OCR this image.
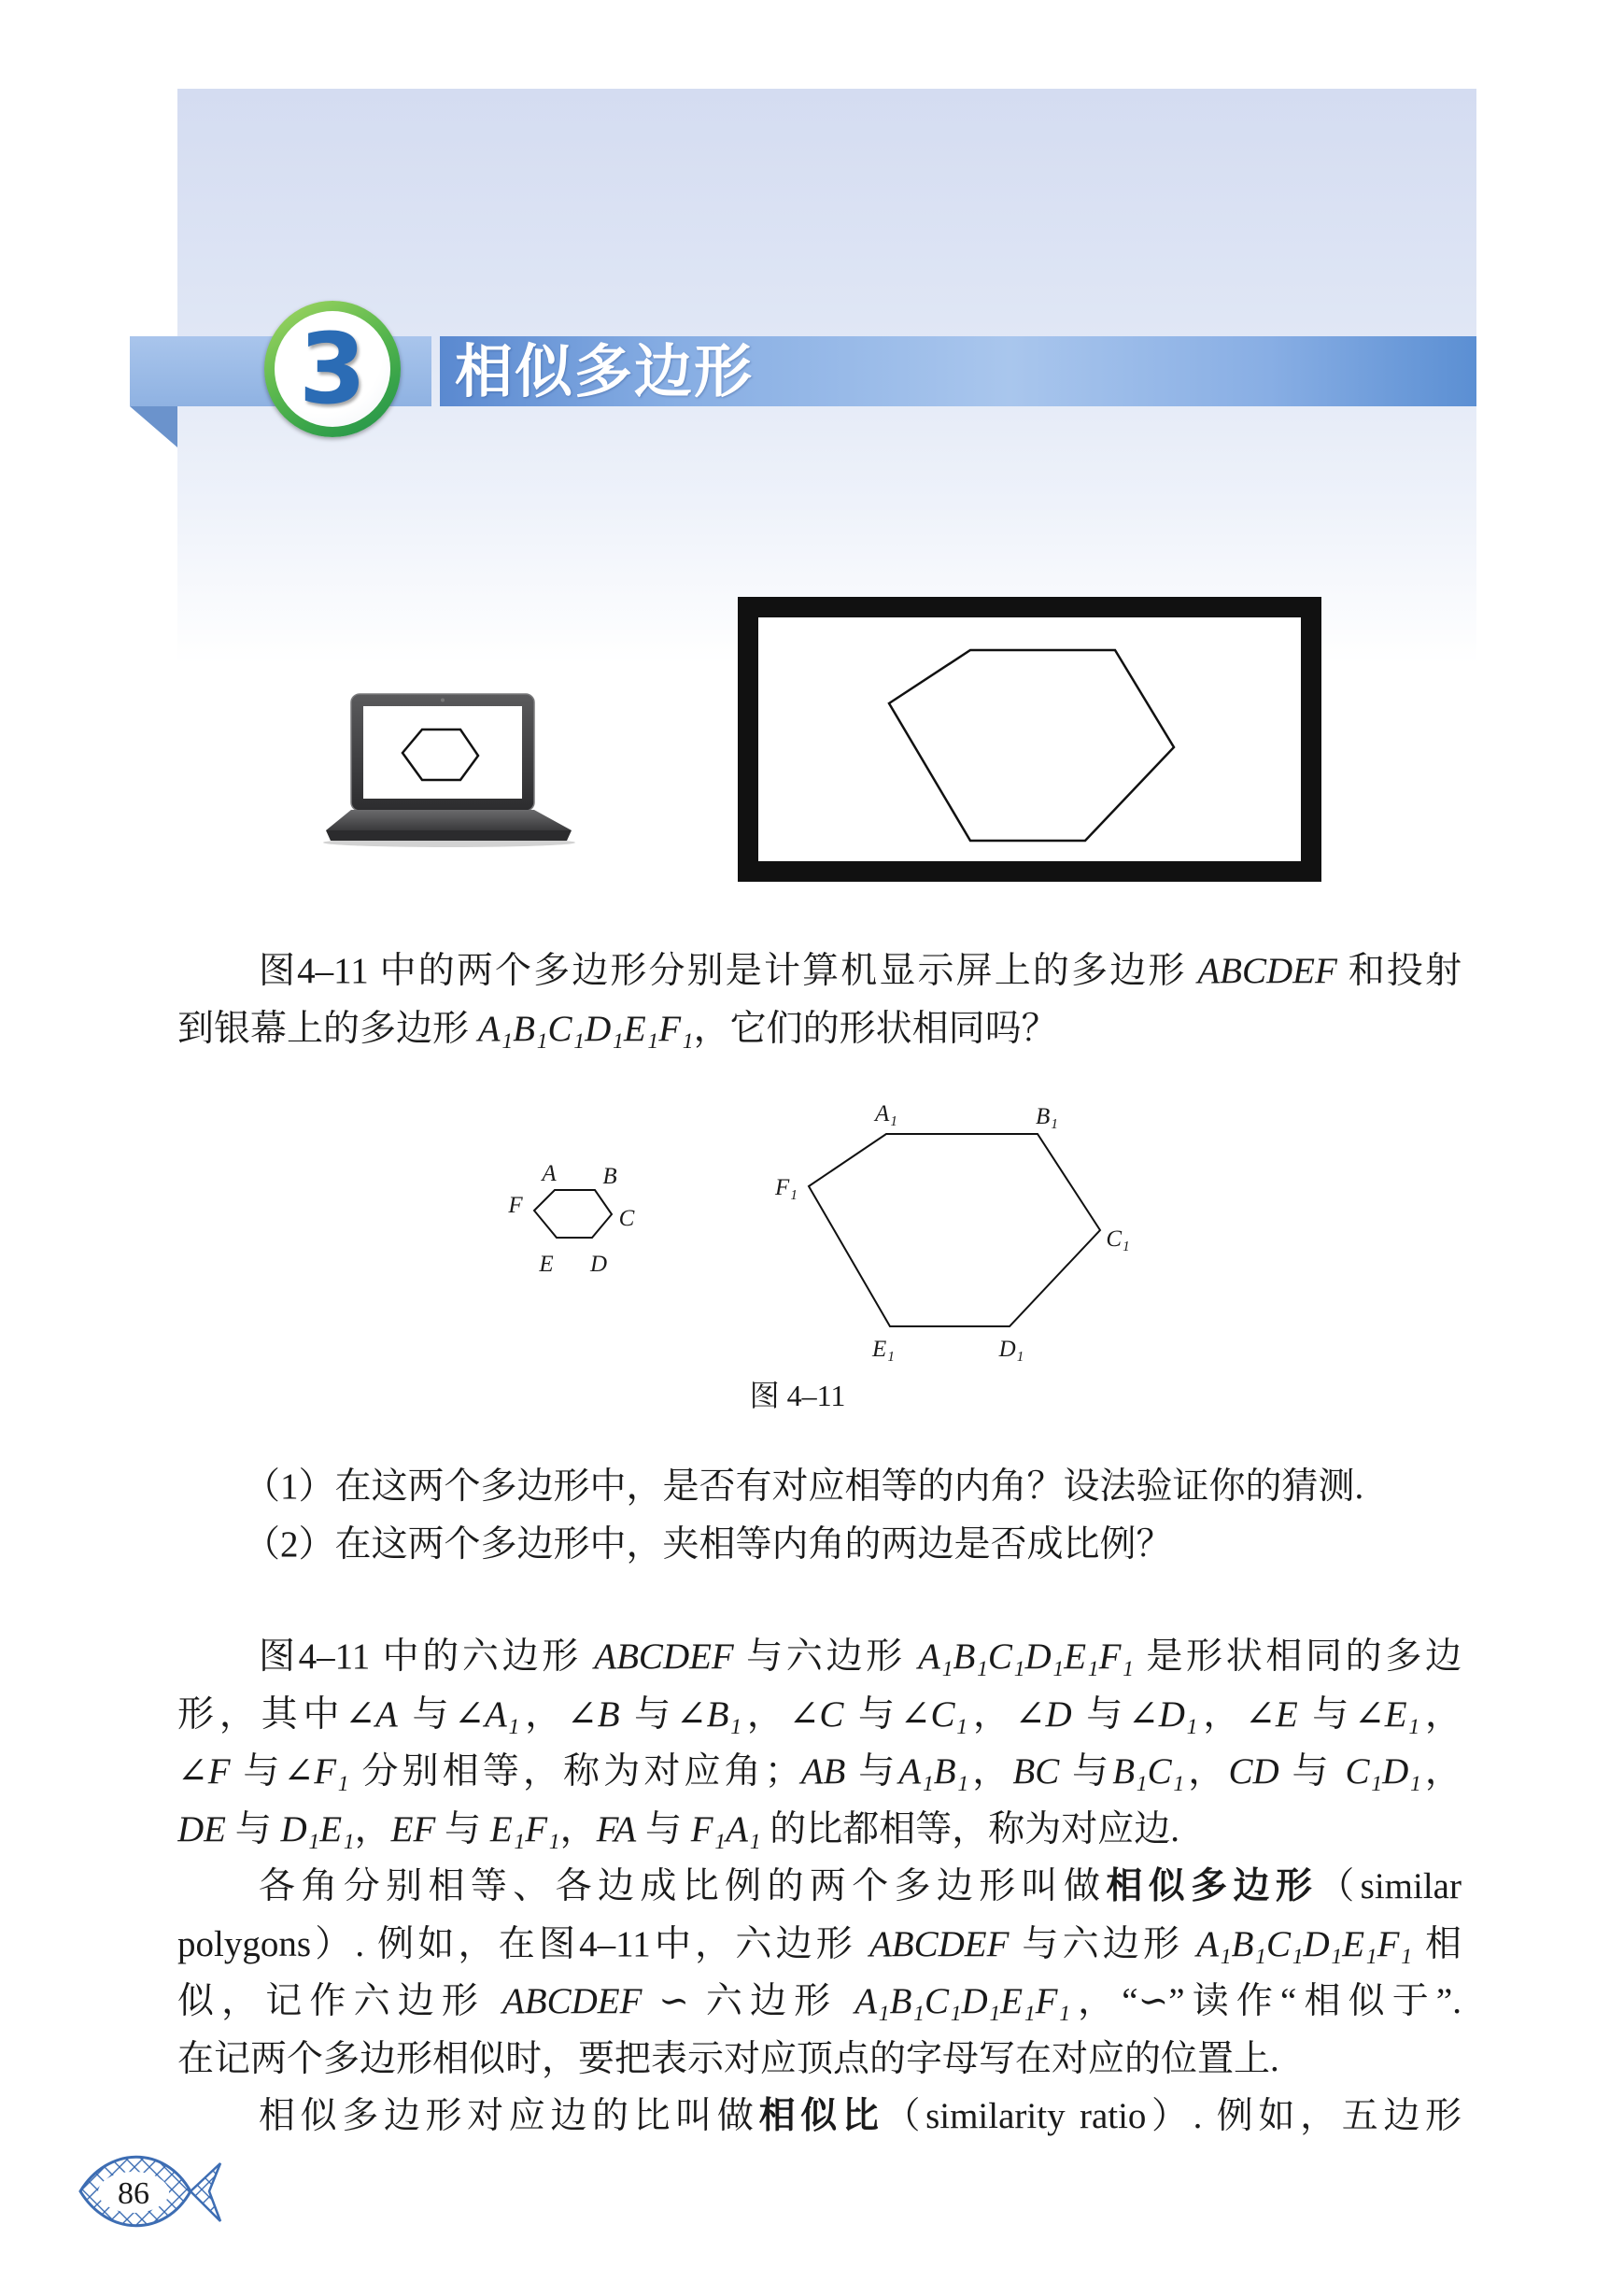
相似多边形
3
A B
C
D
E
F
A₁	B₁
C₁
D₁
E₁
F₁
图 4–11
86
图4–11 中的两个多边形分别是计算机显示屏上的多边形 ABCDEF 和投射
到银幕上的多边形 A₁B₁C₁D₁E₁F₁，它们的形状相同吗？
（1）在这两个多边形中，是否有对应相等的内角？设法验证你的猜测.
（2）在这两个多边形中，夹相等内角的两边是否成比例？
图4–11 中的六边形 ABCDEF 与六边形 A₁B₁C₁D₁E₁F₁ 是形状相同的多边
形，其中∠A 与∠A₁，∠B 与∠B₁，∠C 与∠C₁，∠D 与∠D₁，∠E 与∠E₁，
∠F 与∠F₁ 分别相等，称为对应角；AB 与A₁B₁，BC 与B₁C₁，CD 与 C₁D₁，
DE 与 D₁E₁，EF 与 E₁F₁，FA 与 F₁A₁ 的比都相等，称为对应边.
各角分别相等、各边成比例的两个多边形叫做相似多边形（similar
polygons）. 例如，在图4–11中，六边形 ABCDEF 与六边形 A₁B₁C₁D₁E₁F₁ 相
似，记作六边形 ABCDEF ∽ 六边形 A₁B₁C₁D₁E₁F₁，“∽”读作“相似于”.
在记两个多边形相似时，要把表示对应顶点的字母写在对应的位置上.
相似多边形对应边的比叫做相似比（similarity ratio）. 例如，五边形
